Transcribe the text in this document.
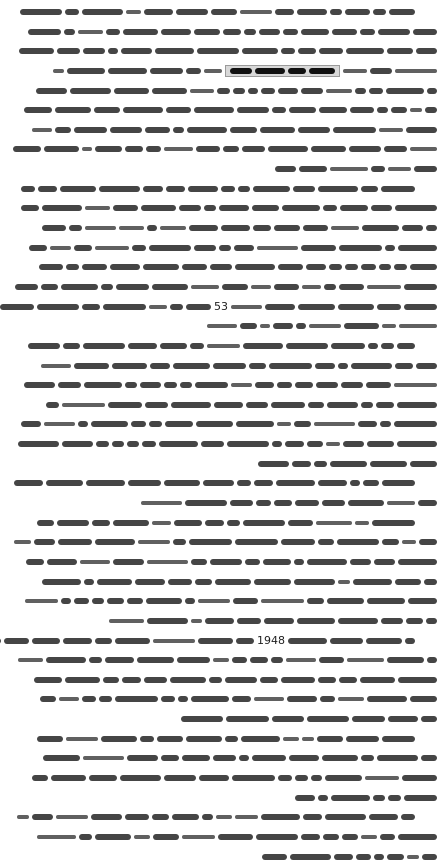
53
1948
